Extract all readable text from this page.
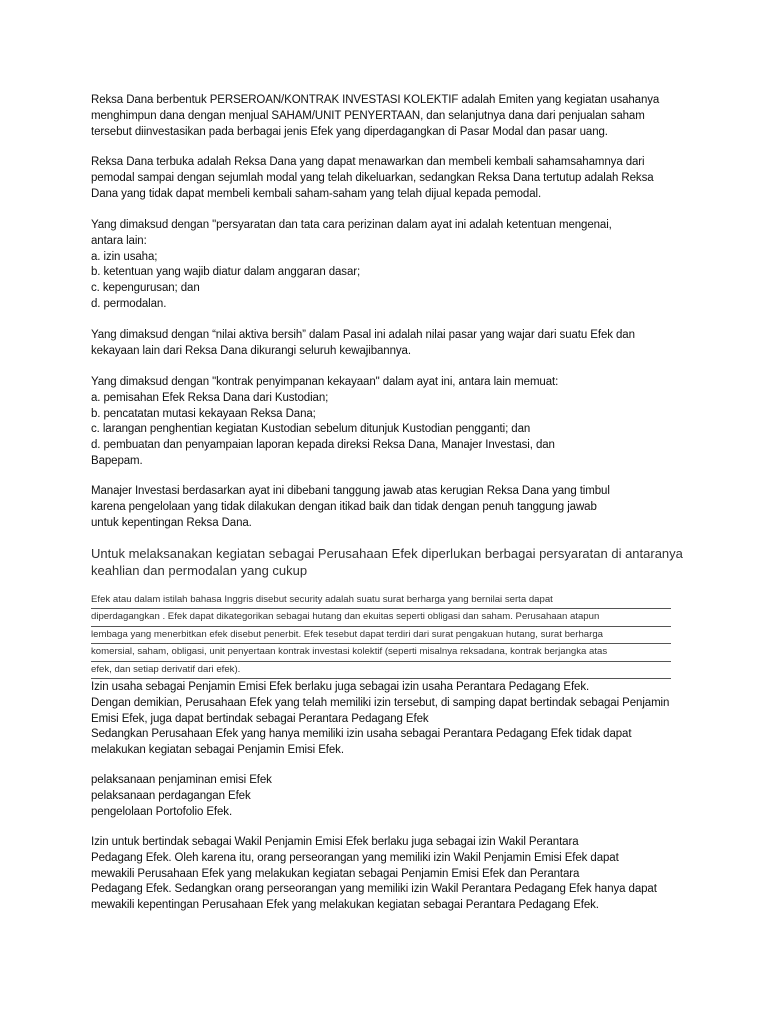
Reksa Dana berbentuk PERSEROAN/KONTRAK INVESTASI KOLEKTIF adalah Emiten yang kegiatan usahanya
menghimpun dana dengan menjual SAHAM/UNIT PENYERTAAN, dan selanjutnya dana dari penjualan saham
tersebut diinvestasikan pada berbagai jenis Efek yang diperdagangkan di Pasar Modal dan pasar uang.
Reksa Dana terbuka adalah Reksa Dana yang dapat menawarkan dan membeli kembali sahamsahamnya dari
pemodal sampai dengan sejumlah modal yang telah dikeluarkan, sedangkan Reksa Dana tertutup adalah Reksa
Dana yang tidak dapat membeli kembali saham-saham yang telah dijual kepada pemodal.
Yang dimaksud dengan "persyaratan dan tata cara perizinan dalam ayat ini adalah ketentuan mengenai,
antara lain:
a. izin usaha;
b. ketentuan yang wajib diatur dalam anggaran dasar;
c. kepengurusan; dan
d. permodalan.
Yang dimaksud dengan “nilai aktiva bersih” dalam Pasal ini adalah nilai pasar yang wajar dari suatu Efek dan
kekayaan lain dari Reksa Dana dikurangi seluruh kewajibannya.
Yang dimaksud dengan "kontrak penyimpanan kekayaan" dalam ayat ini, antara lain memuat:
a. pemisahan Efek Reksa Dana dari Kustodian;
b. pencatatan mutasi kekayaan Reksa Dana;
c. larangan penghentian kegiatan Kustodian sebelum ditunjuk Kustodian pengganti; dan
d. pembuatan dan penyampaian laporan kepada direksi Reksa Dana, Manajer Investasi, dan
Bapepam.
Manajer Investasi berdasarkan ayat ini dibebani tanggung jawab atas kerugian Reksa Dana yang timbul
karena pengelolaan yang tidak dilakukan dengan itikad baik dan tidak dengan penuh tanggung jawab
untuk kepentingan Reksa Dana.
Untuk melaksanakan kegiatan sebagai Perusahaan Efek diperlukan berbagai persyaratan di antaranya
keahlian dan permodalan yang cukup
Efek atau dalam istilah bahasa Inggris disebut security adalah suatu surat berharga yang bernilai serta dapat
diperdagangkan . Efek dapat dikategorikan sebagai hutang dan ekuitas seperti obligasi dan saham. Perusahaan atapun
lembaga yang menerbitkan efek disebut penerbit. Efek tesebut dapat terdiri dari surat pengakuan hutang, surat berharga
komersial, saham, obligasi, unit penyertaan kontrak investasi kolektif (seperti misalnya reksadana, kontrak berjangka atas
efek, dan setiap derivatif dari efek).
Izin usaha sebagai Penjamin Emisi Efek berlaku juga sebagai izin usaha Perantara Pedagang Efek.
Dengan demikian, Perusahaan Efek yang telah memiliki izin tersebut, di samping dapat bertindak sebagai Penjamin
Emisi Efek, juga dapat bertindak sebagai Perantara Pedagang Efek
Sedangkan Perusahaan Efek yang hanya memiliki izin usaha sebagai Perantara Pedagang Efek tidak dapat
melakukan kegiatan sebagai Penjamin Emisi Efek.
pelaksanaan penjaminan emisi Efek
pelaksanaan perdagangan Efek
pengelolaan Portofolio Efek.
Izin untuk bertindak sebagai Wakil Penjamin Emisi Efek berlaku juga sebagai izin Wakil Perantara
Pedagang Efek. Oleh karena itu, orang perseorangan yang memiliki izin Wakil Penjamin Emisi Efek dapat
mewakili Perusahaan Efek yang melakukan kegiatan sebagai Penjamin Emisi Efek dan Perantara
Pedagang Efek. Sedangkan orang perseorangan yang memiliki izin Wakil Perantara Pedagang Efek hanya dapat
mewakili kepentingan Perusahaan Efek yang melakukan kegiatan sebagai Perantara Pedagang Efek.
